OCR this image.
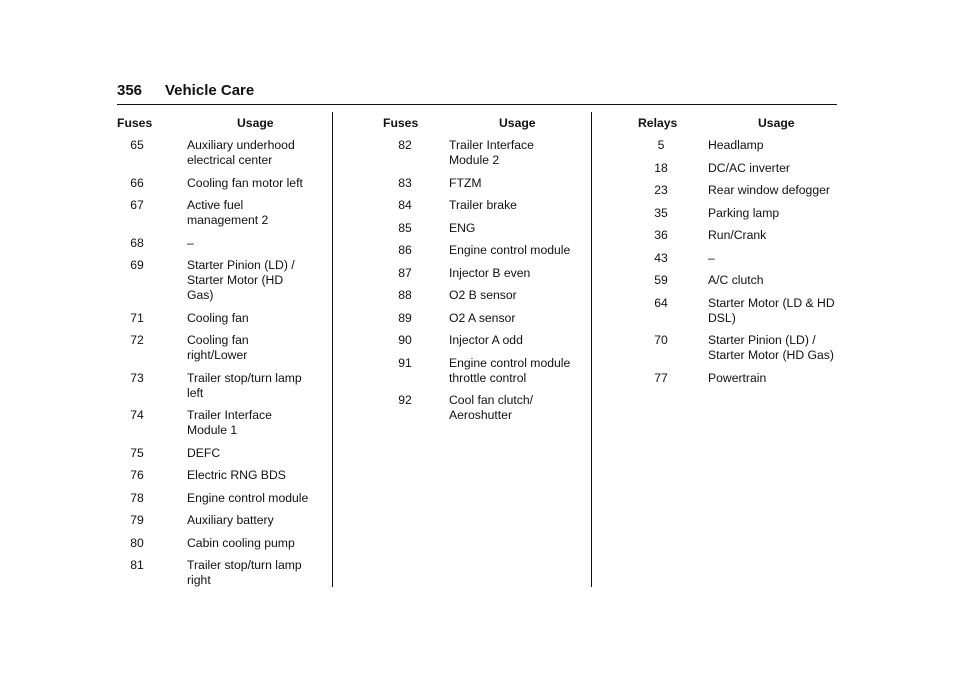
356 Vehicle Care
Fuses	Usage
65	Auxiliary underhood electrical center
66	Cooling fan motor left
67	Active fuel management 2
68	–
69	Starter Pinion (LD) / Starter Motor (HD Gas)
71	Cooling fan
72	Cooling fan right/Lower
73	Trailer stop/turn lamp left
74	Trailer Interface Module 1
75	DEFC
76	Electric RNG BDS
78	Engine control module
79	Auxiliary battery
80	Cabin cooling pump
81	Trailer stop/turn lamp right
Fuses	Usage
82	Trailer Interface Module 2
83	FTZM
84	Trailer brake
85	ENG
86	Engine control module
87	Injector B even
88	O2 B sensor
89	O2 A sensor
90	Injector A odd
91	Engine control module throttle control
92	Cool fan clutch/ Aeroshutter
Relays	Usage
5	Headlamp
18	DC/AC inverter
23	Rear window defogger
35	Parking lamp
36	Run/Crank
43	–
59	A/C clutch
64	Starter Motor (LD & HD DSL)
70	Starter Pinion (LD) / Starter Motor (HD Gas)
77	Powertrain
